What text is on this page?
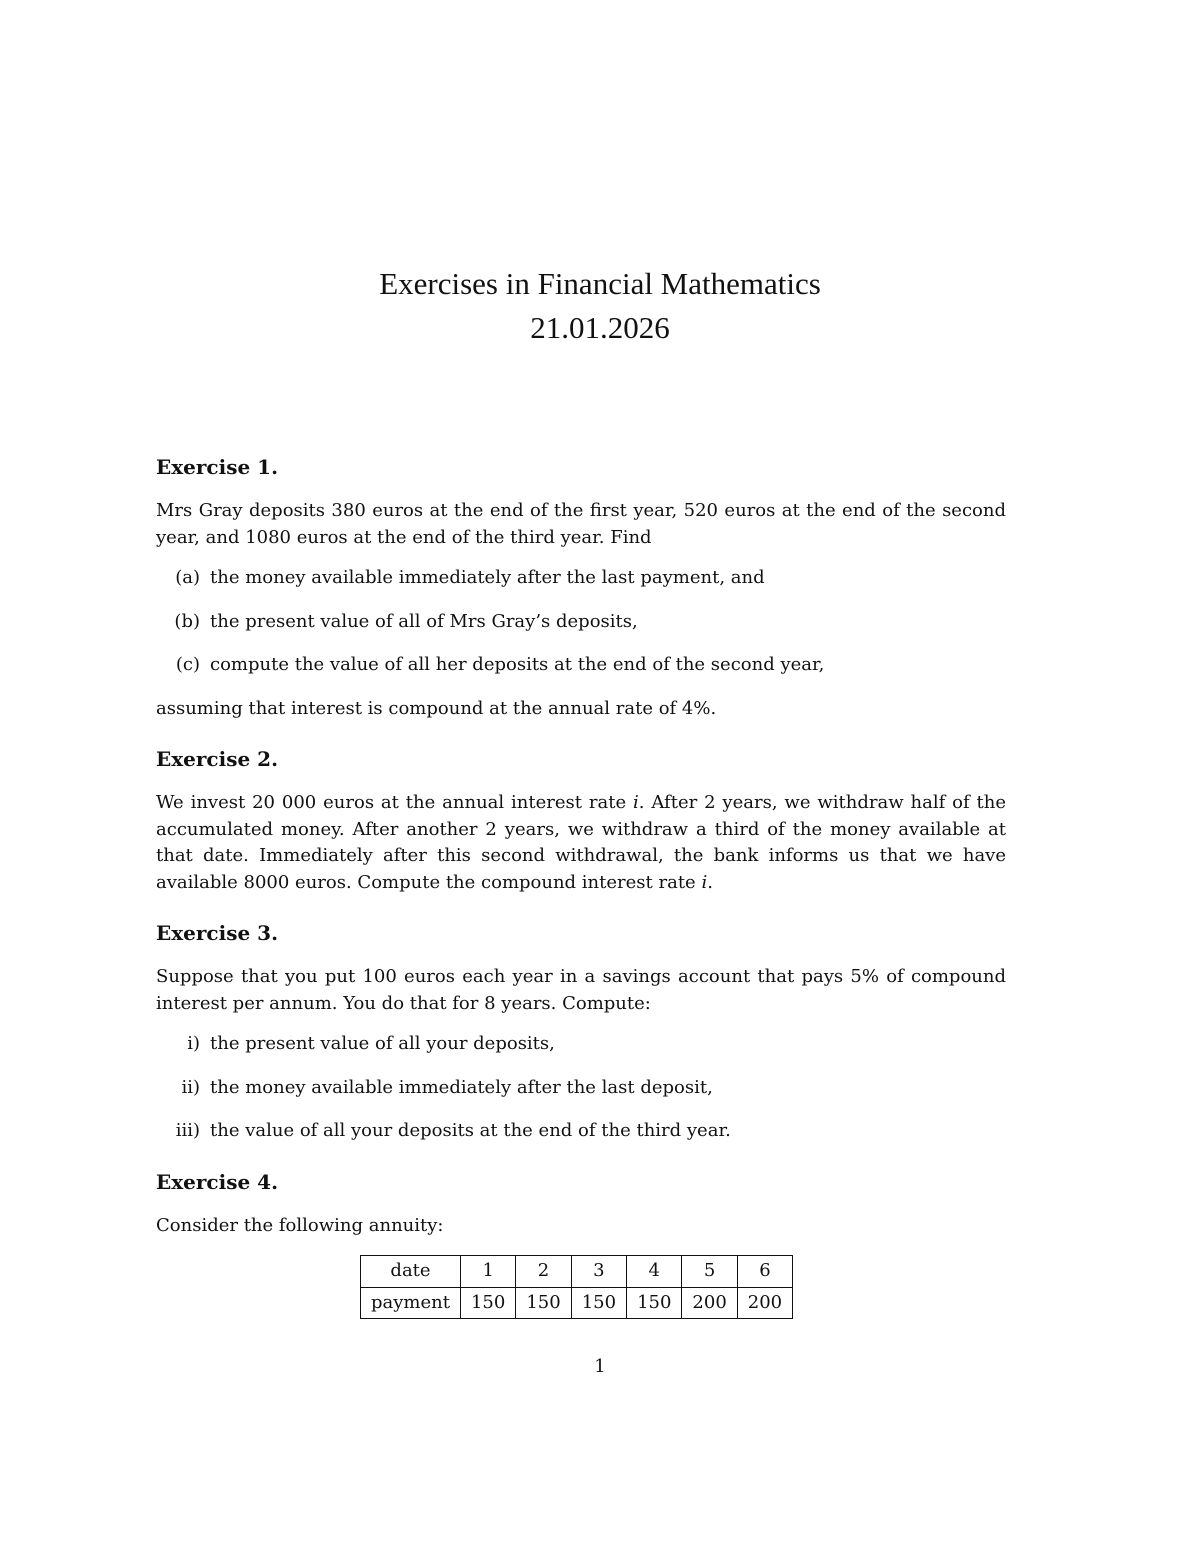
Exercises in Financial Mathematics

21.01.2026

Exercise 1.

Mrs Gray deposits 380 euros at the end of the first year, 520 euros at the end of the second year, and 1080 euros at the end of the third year. Find

(a) the money available immediately after the last payment, and
(b) the present value of all of Mrs Gray’s deposits,
(c) compute the value of all her deposits at the end of the second year,

assuming that interest is compound at the annual rate of 4%.

Exercise 2.

We invest 20 000 euros at the annual interest rate i. After 2 years, we withdraw half of the accumulated money. After another 2 years, we withdraw a third of the money available at that date. Immediately after this second withdrawal, the bank informs us that we have available 8000 euros. Compute the compound interest rate i.

Exercise 3.

Suppose that you put 100 euros each year in a savings account that pays 5% of compound interest per annum. You do that for 8 years. Compute:

i) the present value of all your deposits,
ii) the money available immediately after the last deposit,
iii) the value of all your deposits at the end of the third year.
Exercise 4.

Consider the following annuity:

date	1	2	3	4	5	6
payment	150	150	150	150	200	200
1
